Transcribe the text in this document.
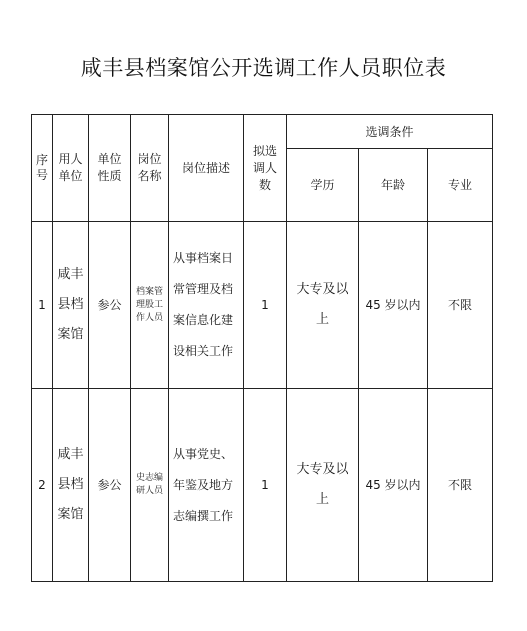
咸丰县档案馆公开选调工作人员职位表
序号	用人单位	单位性质	岗位名称	岗位描述	拟选调人数	选调条件		
						学历	年龄	专业
1	咸丰县档案馆	参公	档案管理股工作人员	从事档案日常管理及档案信息化建设相关工作	1	大专及以上	45 岁以内	不限
2	咸丰县档案馆	参公	史志编研人员	从事党史、年鉴及地方志编撰工作	1	大专及以上	45 岁以内	不限
